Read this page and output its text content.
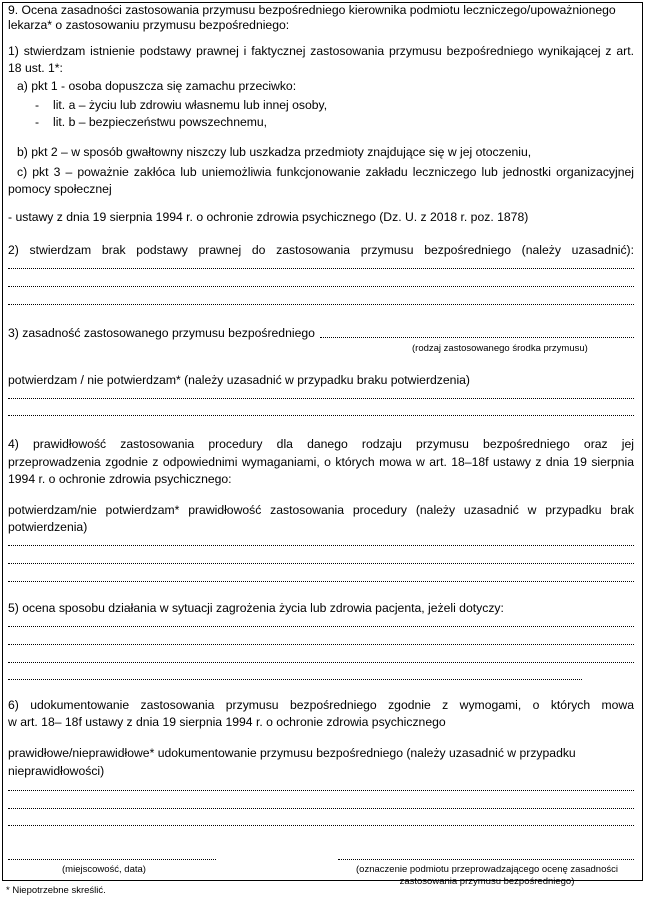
9. Ocena zasadności zastosowania przymusu bezpośredniego kierownika podmiotu leczniczego/upoważnionego
lekarza* o zastosowaniu przymusu bezpośredniego:
1) stwierdzam istnienie podstawy prawnej i faktycznej zastosowania przymusu bezpośredniego wynikającej z art.
18 ust. 1*:
a) pkt 1 - osoba dopuszcza się zamachu przeciwko:
- lit. a – życiu lub zdrowiu własnemu lub innej osoby,
- lit. b – bezpieczeństwu powszechnemu,
b) pkt 2 – w sposób gwałtowny niszczy lub uszkadza przedmioty znajdujące się w jej otoczeniu,
c) pkt 3 – poważnie zakłóca lub uniemożliwia funkcjonowanie zakładu leczniczego lub jednostki organizacyjnej
pomocy społecznej
- ustawy z dnia 19 sierpnia 1994 r. o ochronie zdrowia psychicznego (Dz. U. z 2018 r. poz. 1878)
2) stwierdzam brak podstawy prawnej do zastosowania przymusu bezpośredniego (należy uzasadnić):
3) zasadność zastosowanego przymusu bezpośredniego
(rodzaj zastosowanego środka przymusu)
potwierdzam / nie potwierdzam* (należy uzasadnić w przypadku braku potwierdzenia)
4) prawidłowość zastosowania procedury dla danego rodzaju przymusu bezpośredniego oraz jej
przeprowadzenia zgodnie z odpowiednimi wymaganiami, o których mowa w art. 18–18f ustawy z dnia 19 sierpnia
1994 r. o ochronie zdrowia psychicznego:
potwierdzam/nie potwierdzam* prawidłowość zastosowania procedury (należy uzasadnić w przypadku brak
potwierdzenia)
5) ocena sposobu działania w sytuacji zagrożenia życia lub zdrowia pacjenta, jeżeli dotyczy:
6) udokumentowanie zastosowania przymusu bezpośredniego zgodnie z wymogami, o których mowa
w art. 18– 18f ustawy z dnia 19 sierpnia 1994 r. o ochronie zdrowia psychicznego
prawidłowe/nieprawidłowe* udokumentowanie przymusu bezpośredniego (należy uzasadnić w przypadku
nieprawidłowości)
(miejscowość, data)	(oznaczenie podmiotu przeprowadzającego ocenę zasadności
zastosowania przymusu bezpośredniego)
* Niepotrzebne skreślić.
